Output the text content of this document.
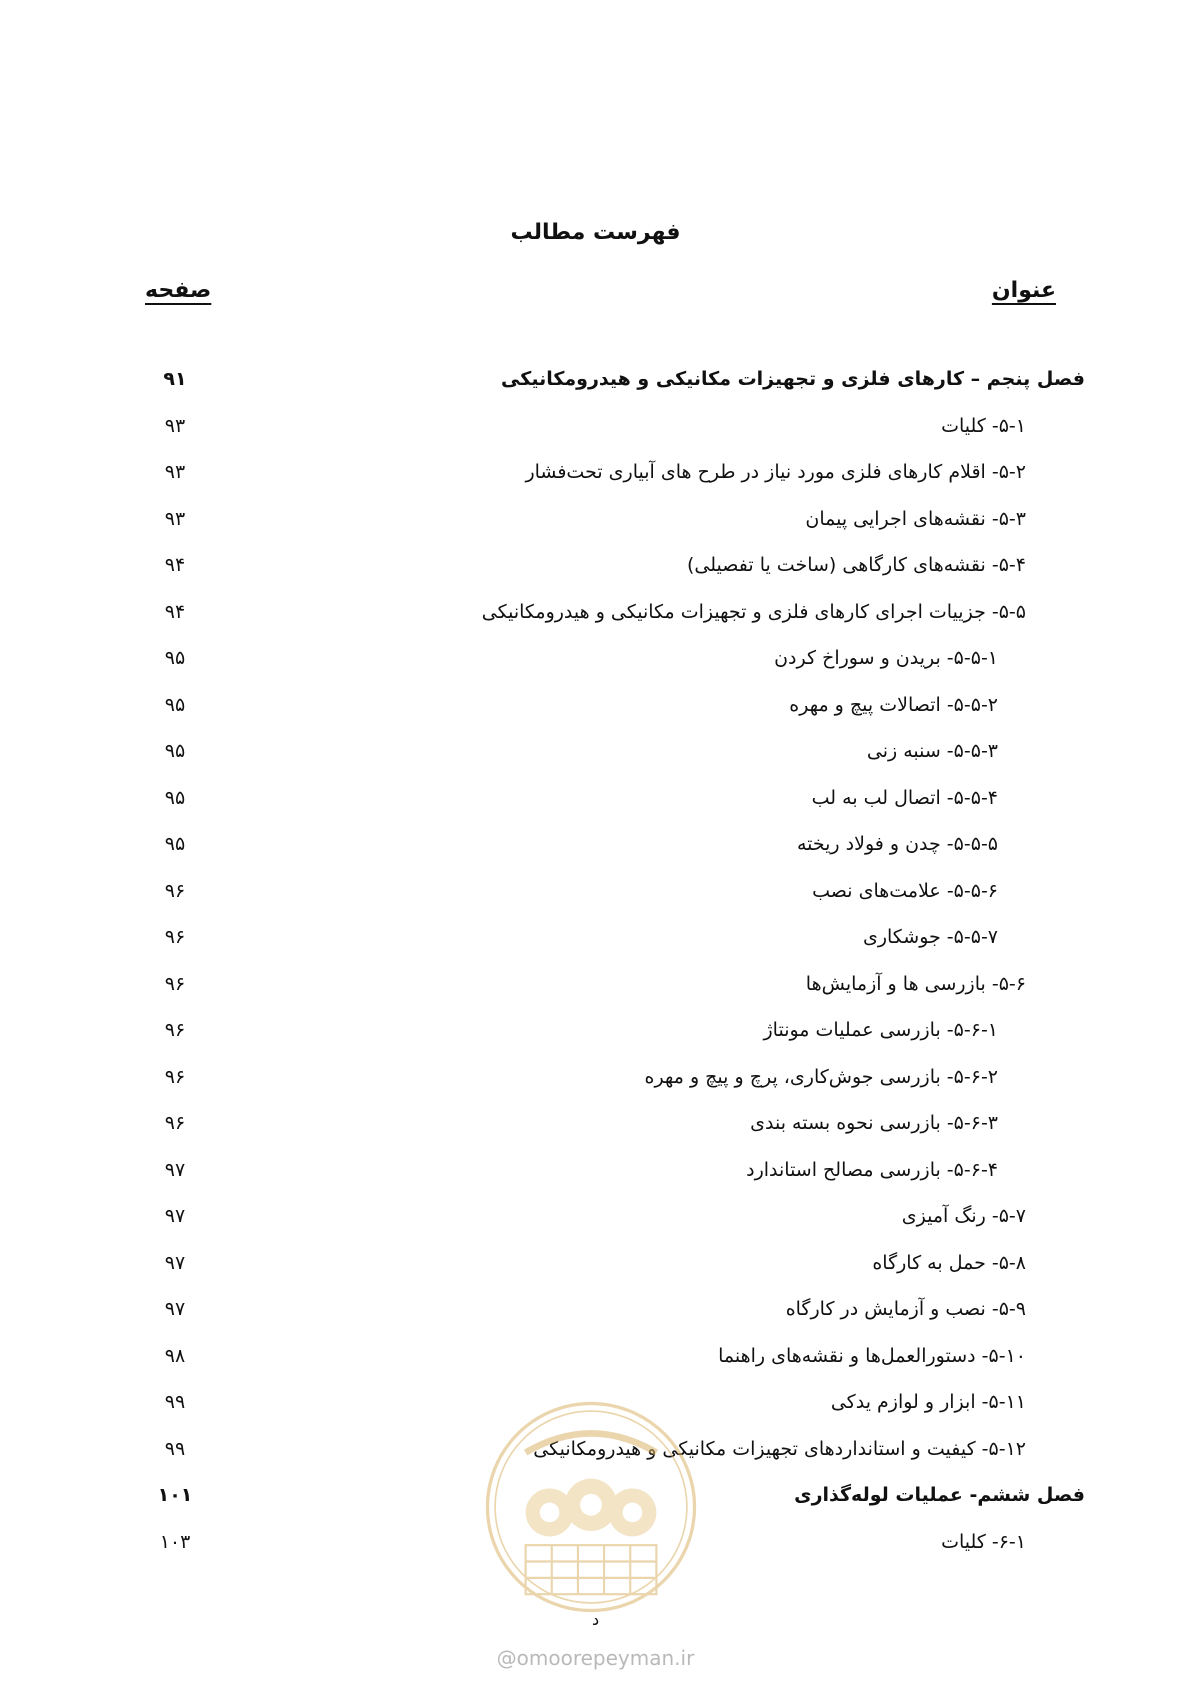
فهرست مطالب
عنوان
صفحه
فصل پنجم – کارهای فلزی و تجهیزات مکانیکی و هیدرومکانیکی
۹۱
۵-۱- کلیات
۹۳
۵-۲- اقلام کارهای فلزی مورد نیاز در طرح های آبیاری تحت‌فشار
۹۳
۵-۳- نقشه‌های اجرایی پیمان
۹۳
۵-۴- نقشه‌های کارگاهی (ساخت یا تفصیلی)
۹۴
۵-۵- جزییات اجرای کارهای فلزی و تجهیزات مکانیکی و هیدرومکانیکی
۹۴
۵-۵-۱- بریدن و سوراخ کردن
۹۵
۵-۵-۲- اتصالات پیچ و مهره
۹۵
۵-۵-۳- سنبه زنی
۹۵
۵-۵-۴- اتصال لب به لب
۹۵
۵-۵-۵- چدن و فولاد ریخته
۹۵
۵-۵-۶- علامت‌های نصب
۹۶
۵-۵-۷- جوشکاری
۹۶
۵-۶- بازرسی ها و آزمایش‌ها
۹۶
۵-۶-۱- بازرسی عملیات مونتاژ
۹۶
۵-۶-۲- بازرسی جوش‌کاری، پرچ و پیچ و مهره
۹۶
۵-۶-۳- بازرسی نحوه بسته بندی
۹۶
۵-۶-۴- بازرسی مصالح استاندارد
۹۷
۵-۷- رنگ آمیزی
۹۷
۵-۸- حمل به کارگاه
۹۷
۵-۹- نصب و آزمایش در کارگاه
۹۷
۵-۱۰- دستورالعمل‌ها و نقشه‌های راهنما
۹۸
۵-۱۱- ابزار و لوازم یدکی
۹۹
۵-۱۲- کیفیت و استانداردهای تجهیزات مکانیکی و هیدرومکانیکی
۹۹
فصل ششم- عملیات لوله‌گذاری
۱۰۱
۶-۱- کلیات
۱۰۳
@omoorepeyman.ir
د
